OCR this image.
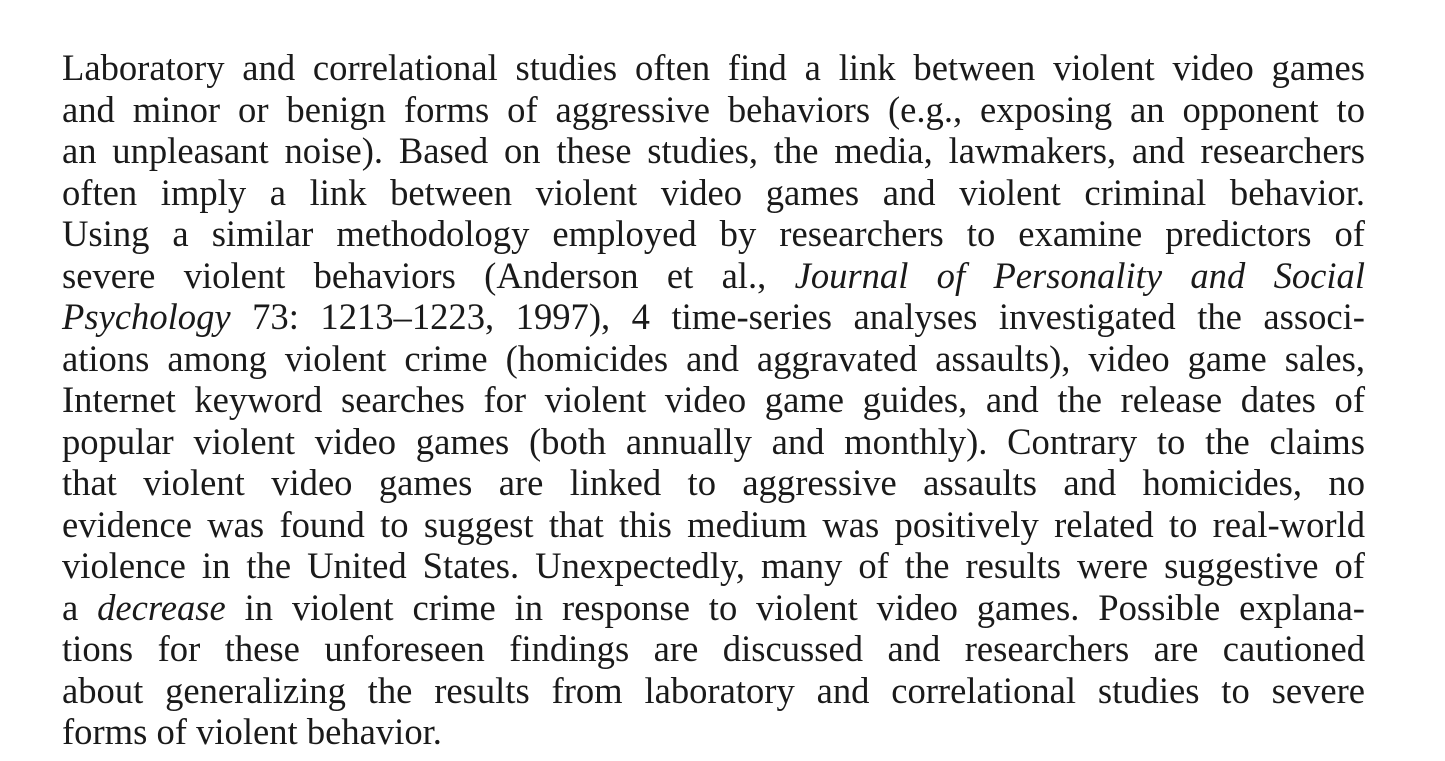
Laboratory and correlational studies often find a link between violent video games
and minor or benign forms of aggressive behaviors (e.g., exposing an opponent to
an unpleasant noise). Based on these studies, the media, lawmakers, and researchers
often imply a link between violent video games and violent criminal behavior.
Using a similar methodology employed by researchers to examine predictors of
severe violent behaviors (Anderson et al., Journal of Personality and Social
Psychology 73: 1213–1223, 1997), 4 time-series analyses investigated the associ-
ations among violent crime (homicides and aggravated assaults), video game sales,
Internet keyword searches for violent video game guides, and the release dates of
popular violent video games (both annually and monthly). Contrary to the claims
that violent video games are linked to aggressive assaults and homicides, no
evidence was found to suggest that this medium was positively related to real-world
violence in the United States. Unexpectedly, many of the results were suggestive of
a decrease in violent crime in response to violent video games. Possible explana-
tions for these unforeseen findings are discussed and researchers are cautioned
about generalizing the results from laboratory and correlational studies to severe
forms of violent behavior.
